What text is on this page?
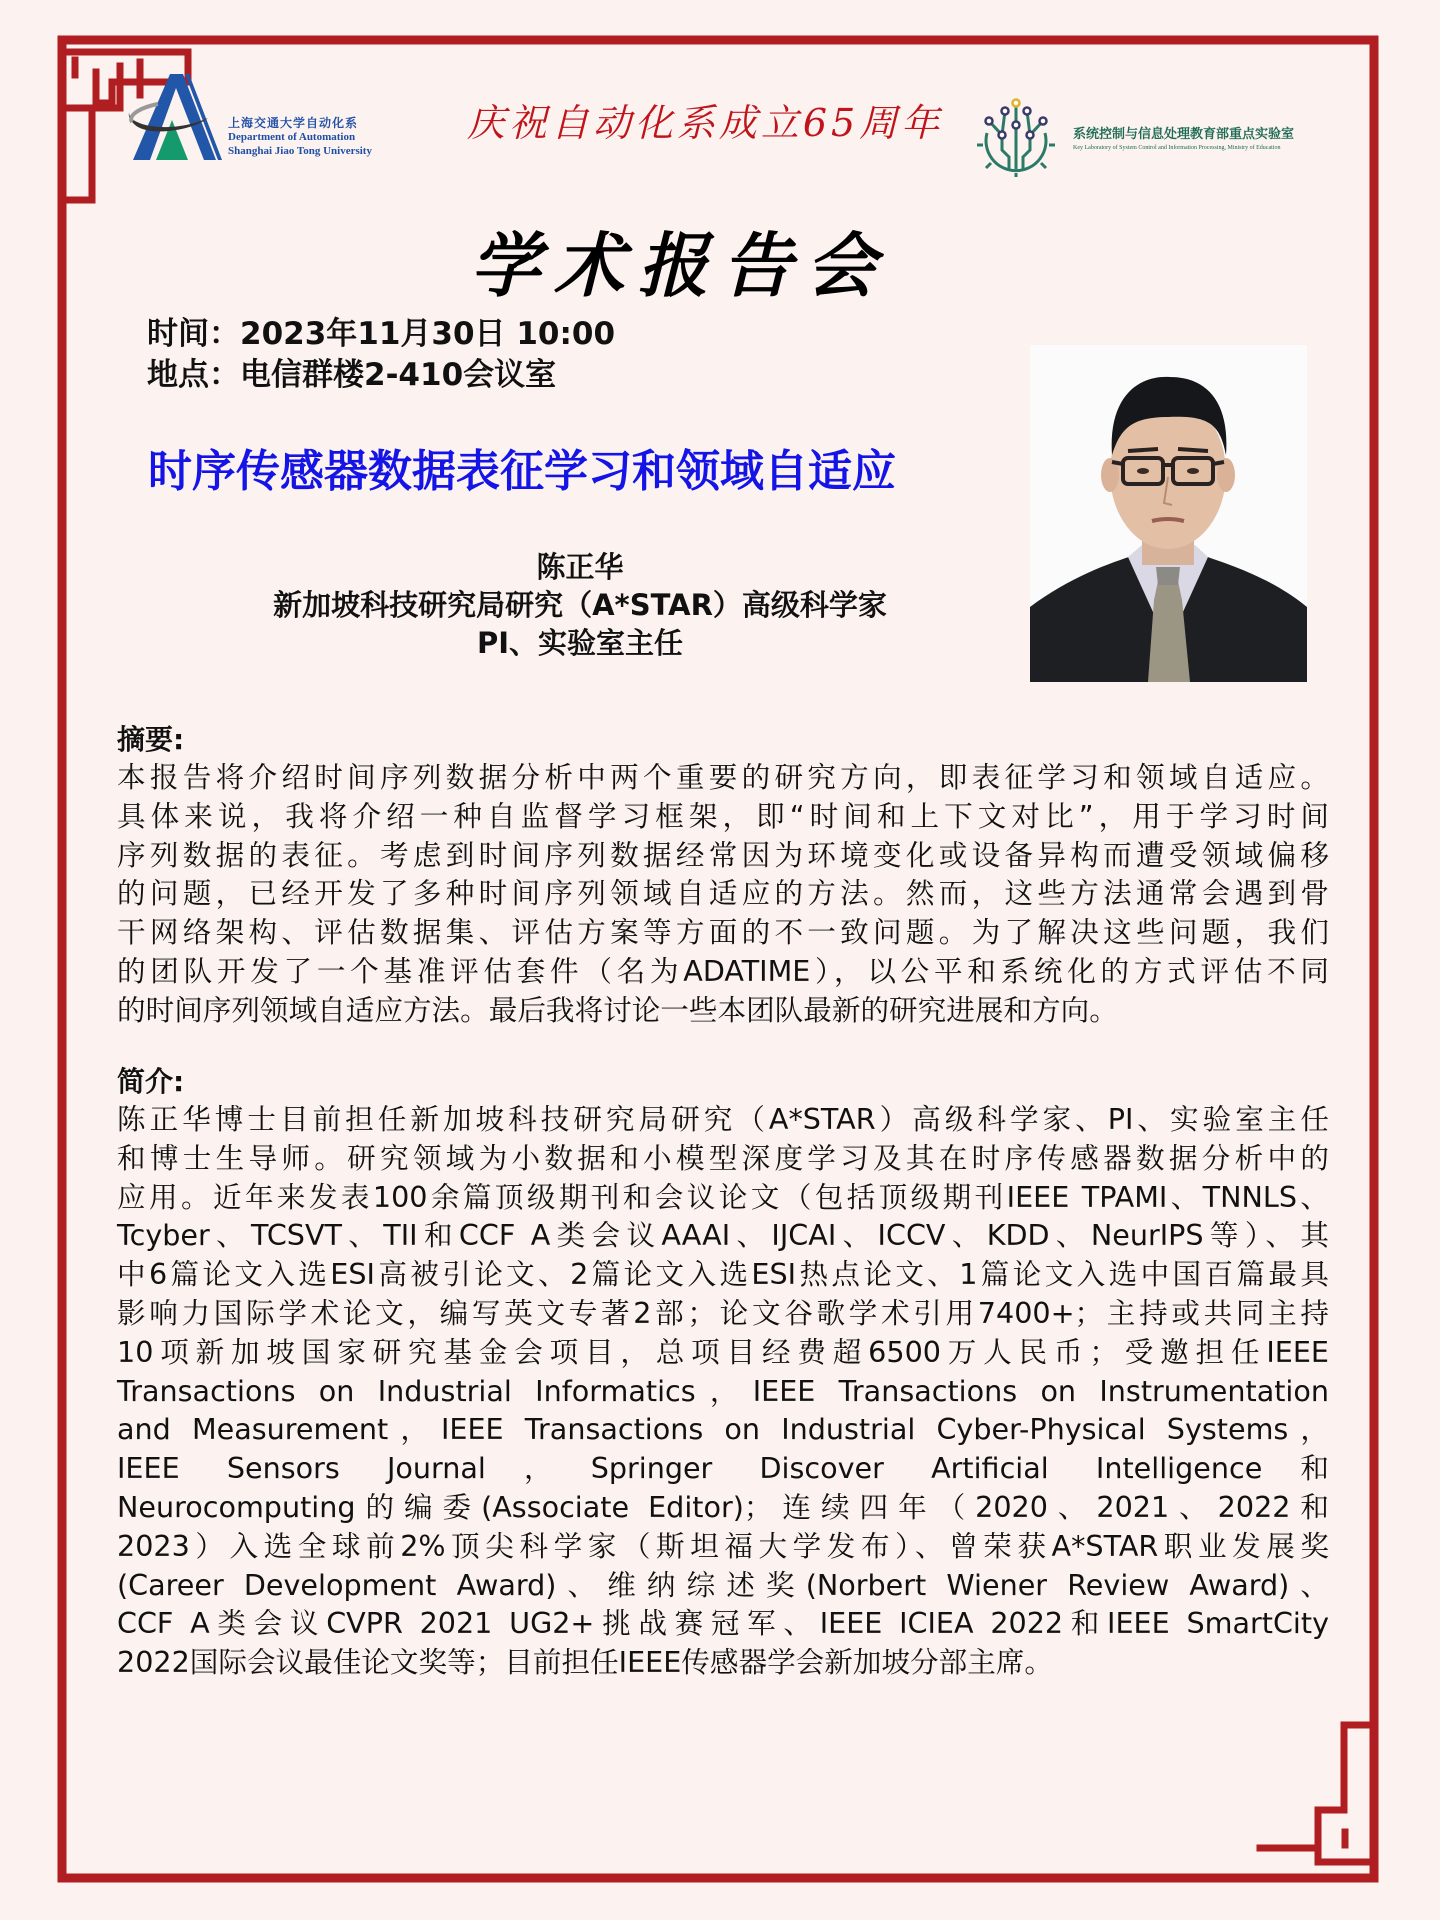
上海交通大学自动化系
Department of Automation
Shanghai Jiao Tong University
庆祝自动化系成立65周年	系统控制与信息处理教育部重点实验室
Key Laboratory of System Control and Information Processing, Ministry of Education
学术报告会
时间：2023年11月30日 10:00
地点：电信群楼2-410会议室
时序传感器数据表征学习和领域自适应
陈正华
新加坡科技研究局研究（A*STAR）高级科学家
PI、实验室主任
摘要:
本报告将介绍时间序列数据分析中两个重要的研究方向，即表征学习和领域自适应。
具体来说，我将介绍一种自监督学习框架，即“时间和上下文对比”，用于学习时间
序列数据的表征。考虑到时间序列数据经常因为环境变化或设备异构而遭受领域偏移
的问题，已经开发了多种时间序列领域自适应的方法。然而，这些方法通常会遇到骨
干网络架构、评估数据集、评估方案等方面的不一致问题。为了解决这些问题，我们
的团队开发了一个基准评估套件（名为ADATIME），以公平和系统化的方式评估不同
的时间序列领域自适应方法。最后我将讨论一些本团队最新的研究进展和方向。
简介:
陈正华博士目前担任新加坡科技研究局研究（A*STAR）高级科学家、PI、实验室主任
和博士生导师。研究领域为小数据和小模型深度学习及其在时序传感器数据分析中的
应用。近年来发表100余篇顶级期刊和会议论文（包括顶级期刊IEEE TPAMI、TNNLS、
Tcyber、TCSVT、TII和CCF A类会议AAAI、IJCAI、ICCV、KDD、NeurIPS等）、其
中6篇论文入选ESI高被引论文、2篇论文入选ESI热点论文、1篇论文入选中国百篇最具
影响力国际学术论文，编写英文专著2部；论文谷歌学术引用7400+；主持或共同主持
10项新加坡国家研究基金会项目，总项目经费超6500万人民币；受邀担任IEEE
Transactions on Industrial Informatics，IEEE Transactions on Instrumentation
and Measurement，IEEE Transactions on Industrial Cyber-Physical Systems，
IEEE Sensors Journal，Springer Discover Artificial Intelligence和
Neurocomputing的编委(Associate Editor)；连续四年（2020、2021、2022和
2023）入选全球前2%顶尖科学家（斯坦福大学发布）、曾荣获A*STAR职业发展奖
(Career Development Award)、维纳综述奖(Norbert Wiener Review Award)、
CCF A类会议CVPR 2021 UG2+挑战赛冠军、IEEE ICIEA 2022和IEEE SmartCity
2022国际会议最佳论文奖等；目前担任IEEE传感器学会新加坡分部主席。
